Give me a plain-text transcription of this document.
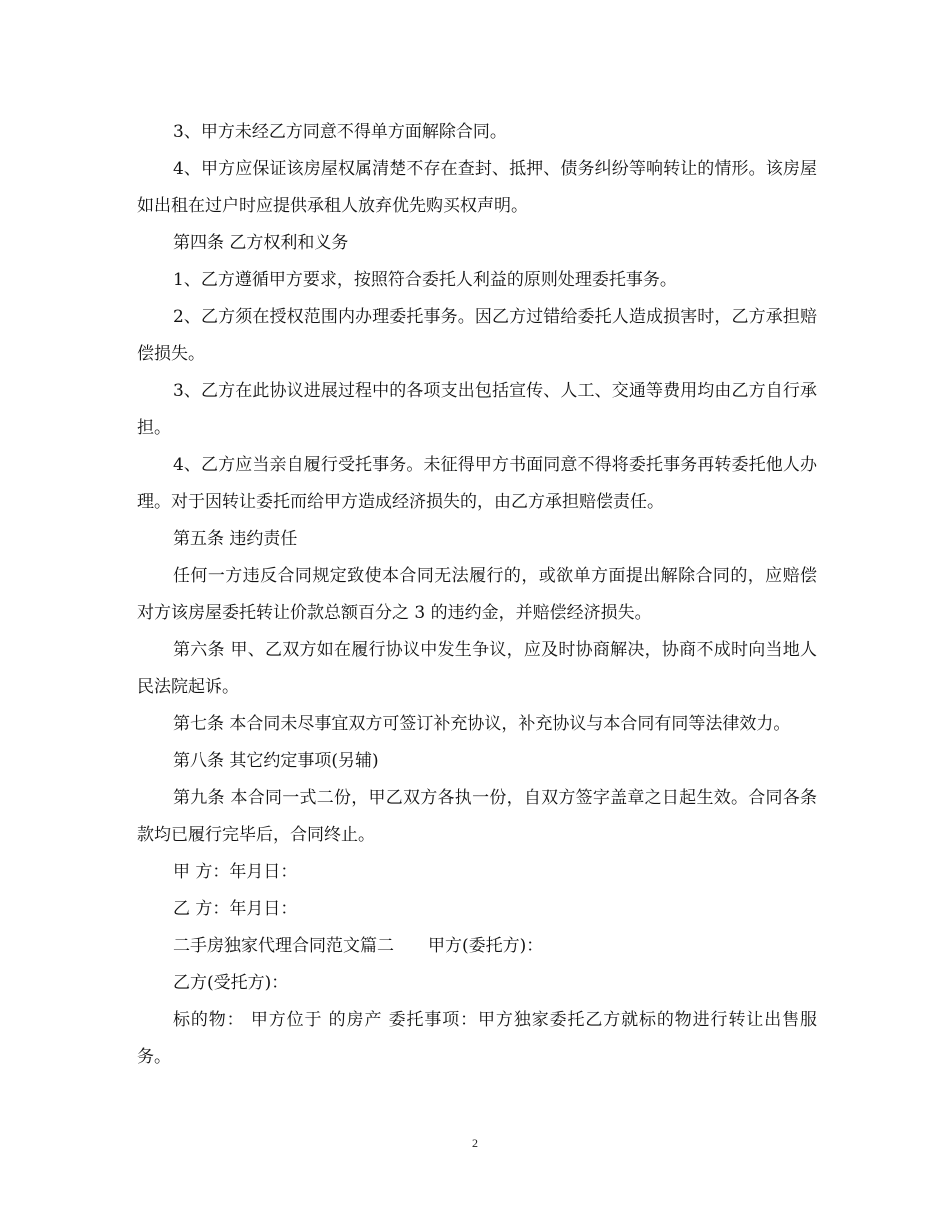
3、甲方未经乙方同意不得单方面解除合同。

4、甲方应保证该房屋权属清楚不存在查封、抵押、债务纠纷等响转让的情形。该房屋如出租在过户时应提供承租人放弃优先购买权声明。

第四条 乙方权利和义务

1、乙方遵循甲方要求，按照符合委托人利益的原则处理委托事务。

2、乙方须在授权范围内办理委托事务。因乙方过错给委托人造成损害时，乙方承担赔偿损失。

3、乙方在此协议进展过程中的各项支出包括宣传、人工、交通等费用均由乙方自行承担。

4、乙方应当亲自履行受托事务。未征得甲方书面同意不得将委托事务再转委托他人办理。对于因转让委托而给甲方造成经济损失的，由乙方承担赔偿责任。

第五条 违约责任

任何一方违反合同规定致使本合同无法履行的，或欲单方面提出解除合同的，应赔偿对方该房屋委托转让价款总额百分之 3 的违约金，并赔偿经济损失。

第六条 甲、乙双方如在履行协议中发生争议，应及时协商解决，协商不成时向当地人民法院起诉。

第七条 本合同未尽事宜双方可签订补充协议，补充协议与本合同有同等法律效力。

第八条 其它约定事项(另辅)

第九条 本合同一式二份，甲乙双方各执一份，自双方签字盖章之日起生效。合同各条款均已履行完毕后，合同终止。

甲 方：年月日：

乙 方：年月日：

二手房独家代理合同范文篇二　　甲方(委托方)：

乙方(受托方)：

标的物： 甲方位于 的房产 委托事项：甲方独家委托乙方就标的物进行转让出售服务。

2
